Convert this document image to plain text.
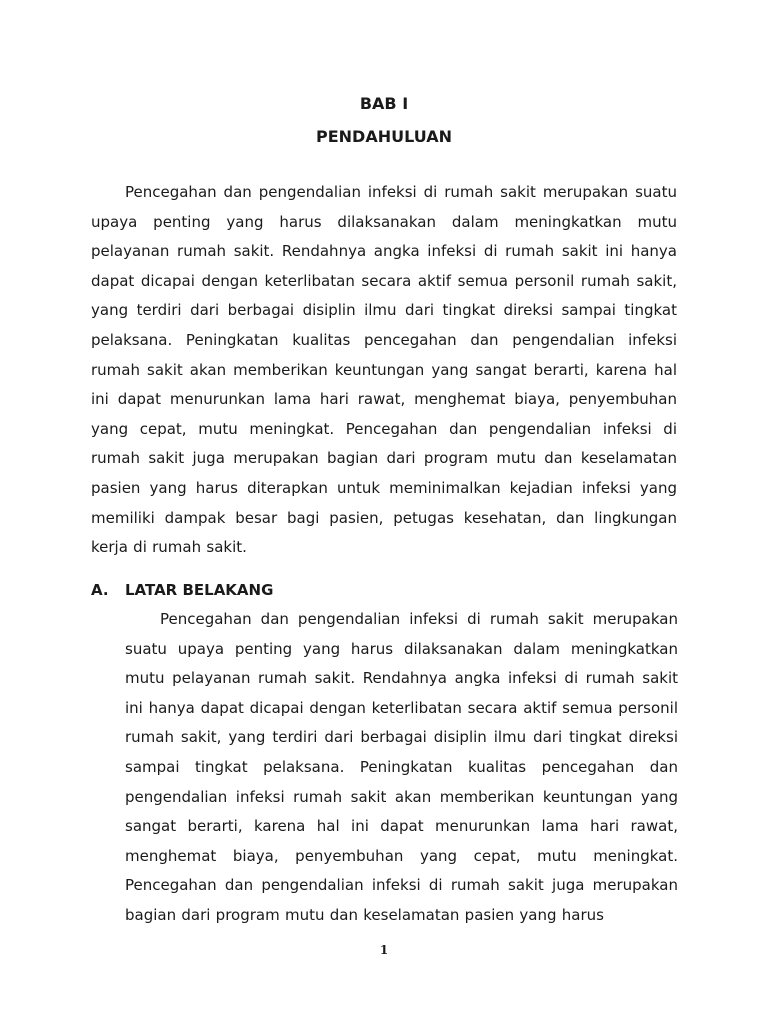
BAB I
PENDAHULUAN

Pencegahan dan pengendalian infeksi di rumah sakit merupakan suatu upaya penting yang harus dilaksanakan dalam meningkatkan mutu pelayanan rumah sakit. Rendahnya angka infeksi di rumah sakit ini hanya dapat dicapai dengan keterlibatan secara aktif semua personil rumah sakit, yang terdiri dari berbagai disiplin ilmu dari tingkat direksi sampai tingkat pelaksana. Peningkatan kualitas pencegahan dan pengendalian infeksi rumah sakit akan memberikan keuntungan yang sangat berarti, karena hal ini dapat menurunkan lama hari rawat, menghemat biaya, penyembuhan yang cepat, mutu meningkat. Pencegahan dan pengendalian infeksi di rumah sakit juga merupakan bagian dari program mutu dan keselamatan pasien yang harus diterapkan untuk meminimalkan kejadian infeksi yang memiliki dampak besar bagi pasien, petugas kesehatan, dan lingkungan kerja di rumah sakit.

A. LATAR BELAKANG

Pencegahan dan pengendalian infeksi di rumah sakit merupakan suatu upaya penting yang harus dilaksanakan dalam meningkatkan mutu pelayanan rumah sakit. Rendahnya angka infeksi di rumah sakit ini hanya dapat dicapai dengan keterlibatan secara aktif semua personil rumah sakit, yang terdiri dari berbagai disiplin ilmu dari tingkat direksi sampai tingkat pelaksana. Peningkatan kualitas pencegahan dan pengendalian infeksi rumah sakit akan memberikan keuntungan yang sangat berarti, karena hal ini dapat menurunkan lama hari rawat, menghemat biaya, penyembuhan yang cepat, mutu meningkat. Pencegahan dan pengendalian infeksi di rumah sakit juga merupakan bagian dari program mutu dan keselamatan pasien yang harus

1
